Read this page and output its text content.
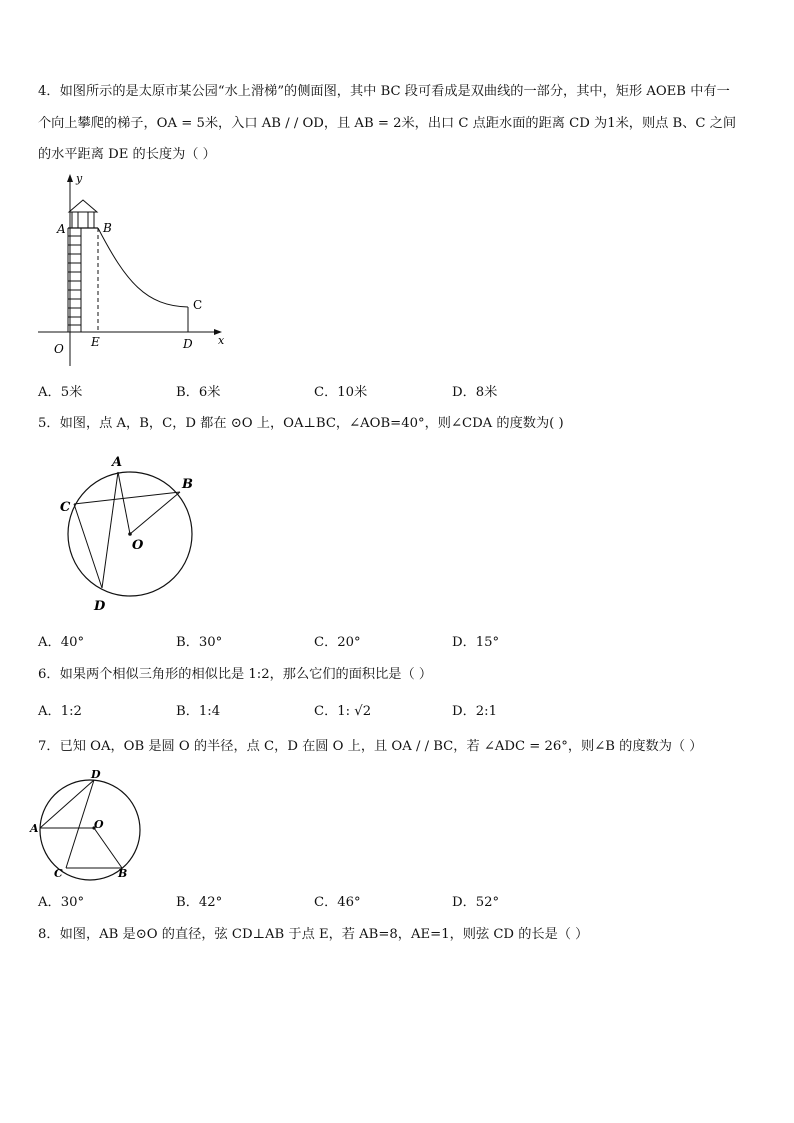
4．如图所示的是太原市某公园“水上滑梯”的侧面图，其中 BC 段可看成是双曲线的一部分，其中，矩形 AOEB 中有一
个向上攀爬的梯子，OA = 5米，入口 AB / / OD，且 AB = 2米，出口 C 点距水面的距离 CD 为1米，则点 B、C 之间
的水平距离 DE 的长度为（ ）
y
x
O
A	B
C
D
E
A．5米	B．6米	C．10米	D．8米
5．如图，点 A，B，C，D 都在 ⊙O 上，OA⊥BC，∠AOB=40°，则∠CDA 的度数为( )
A
B
C
D
O
A．40°	B．30°	C．20°	D．15°
6．如果两个相似三角形的相似比是 1:2，那么它们的面积比是（ ）
A．1:2	B．1:4	C．1: √2	D．2:1
7．已知 OA，OB 是圆 O 的半径，点 C，D 在圆 O 上，且 OA / / BC，若 ∠ADC = 26°，则∠B 的度数为（ ）
D
A	O
C	B
A．30°	B．42°	C．46°	D．52°
8．如图，AB 是⊙O 的直径，弦 CD⊥AB 于点 E，若 AB=8，AE=1，则弦 CD 的长是（ ）
